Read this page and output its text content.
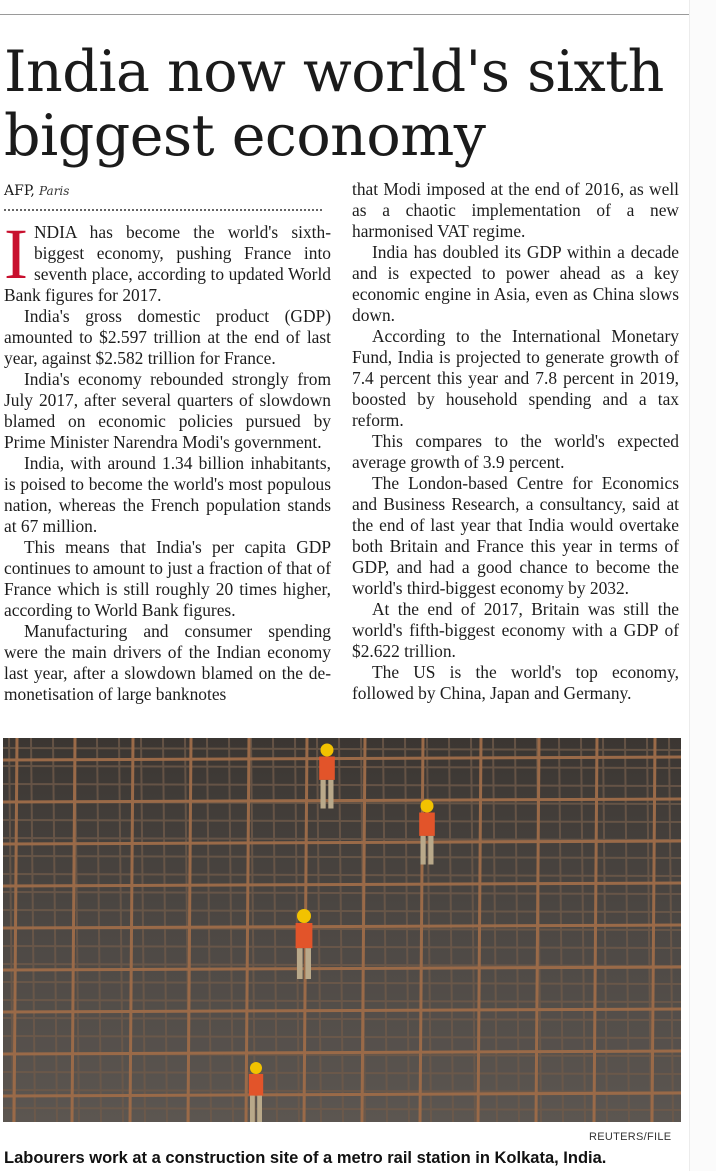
India now world's sixth biggest economy
AFP, Paris

INDIA has become the world's sixth-biggest economy, pushing France into seventh place, according to updated World Bank figures for 2017.

India's gross domestic product (GDP) amounted to $2.597 trillion at the end of last year, against $2.582 trillion for France.

India's economy rebounded strongly from July 2017, after several quarters of slowdown blamed on economic policies pursued by Prime Minister Narendra Modi's government.

India, with around 1.34 billion inhabitants, is poised to become the world's most populous nation, whereas the French population stands at 67 million.

This means that India's per capita GDP continues to amount to just a fraction of that of France which is still roughly 20 times higher, according to World Bank figures.

Manufacturing and consumer spending were the main drivers of the Indian economy last year, after a slowdown blamed on the de-monetisation of large banknotes

that Modi imposed at the end of 2016, as well as a chaotic implementation of a new harmonised VAT regime.

India has doubled its GDP within a decade and is expected to power ahead as a key economic engine in Asia, even as China slows down.

According to the International Monetary Fund, India is projected to generate growth of 7.4 percent this year and 7.8 percent in 2019, boosted by household spending and a tax reform.

This compares to the world's expected average growth of 3.9 percent.

The London-based Centre for Economics and Business Research, a consultancy, said at the end of last year that India would overtake both Britain and France this year in terms of GDP, and had a good chance to become the world's third-biggest economy by 2032.

At the end of 2017, Britain was still the world's fifth-biggest economy with a GDP of $2.622 trillion.

The US is the world's top economy, followed by China, Japan and Germany.

REUTERS/FILE

Labourers work at a construction site of a metro rail station in Kolkata, India.
